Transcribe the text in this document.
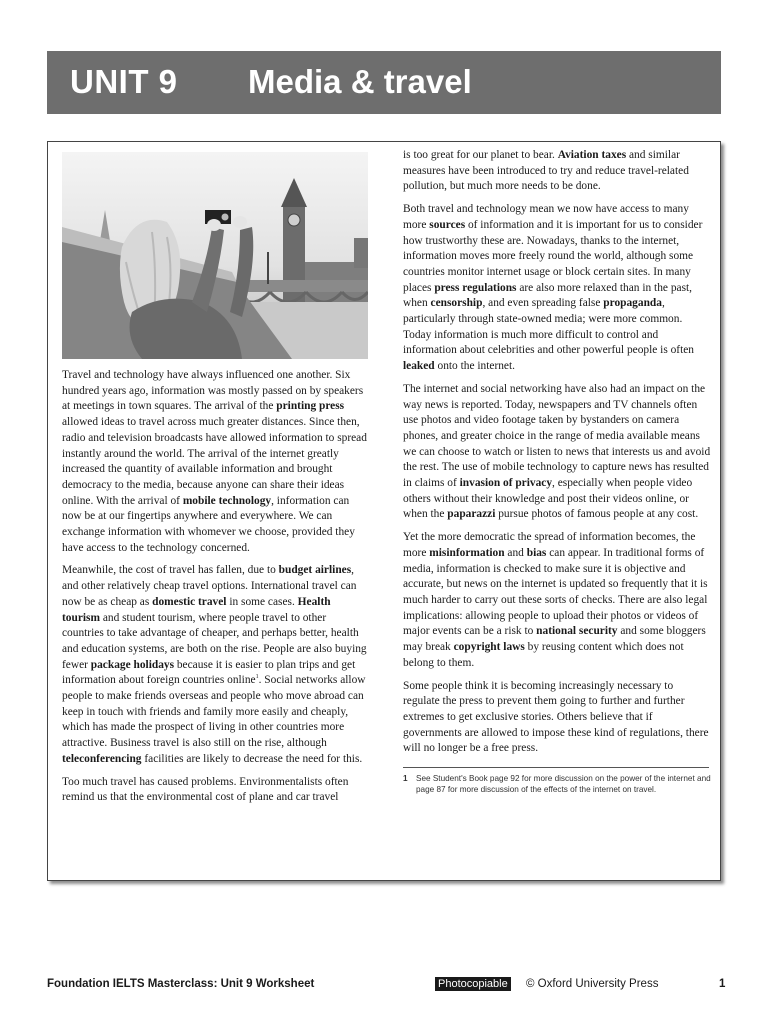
UNIT 9 Media & travel

Travel and technology have always influenced one another. Six hundred years ago, information was mostly passed on by speakers at meetings in town squares. The arrival of the printing press allowed ideas to travel across much greater distances. Since then, radio and television broadcasts have allowed information to spread instantly around the world. The arrival of the internet greatly increased the quantity of available information and brought democracy to the media, because anyone can share their ideas online. With the arrival of mobile technology, information can now be at our fingertips anywhere and everywhere. We can exchange information with whomever we choose, provided they have access to the technology concerned.

Meanwhile, the cost of travel has fallen, due to budget airlines, and other relatively cheap travel options. International travel can now be as cheap as domestic travel in some cases. Health tourism and student tourism, where people travel to other countries to take advantage of cheaper, and perhaps better, health and education systems, are both on the rise. People are also buying fewer package holidays because it is easier to plan trips and get information about foreign countries online$^1$. Social networks allow people to make friends overseas and people who move abroad can keep in touch with friends and family more easily and cheaply, which has made the prospect of living in other countries more attractive. Business travel is also still on the rise, although teleconferencing facilities are likely to decrease the need for this.

Too much travel has caused problems. Environmentalists often remind us that the environmental cost of plane and car travel

is too great for our planet to bear. Aviation taxes and similar measures have been introduced to try and reduce travel-related pollution, but much more needs to be done.

Both travel and technology mean we now have access to many more sources of information and it is important for us to consider how trustworthy these are. Nowadays, thanks to the internet, information moves more freely round the world, although some countries monitor internet usage or block certain sites. In many places press regulations are also more relaxed than in the past, when censorship, and even spreading false propaganda, particularly through state-owned media; were more common. Today information is much more difficult to control and information about celebrities and other powerful people is often leaked onto the internet.

The internet and social networking have also had an impact on the way news is reported. Today, newspapers and TV channels often use photos and video footage taken by bystanders on camera phones, and greater choice in the range of media available means we can choose to watch or listen to news that interests us and avoid the rest. The use of mobile technology to capture news has resulted in claims of invasion of privacy, especially when people video others without their knowledge and post their videos online, or when the paparazzi pursue photos of famous people at any cost.

Yet the more democratic the spread of information becomes, the more misinformation and bias can appear. In traditional forms of media, information is checked to make sure it is objective and accurate, but news on the internet is updated so frequently that it is much harder to carry out these sorts of checks. There are also legal implications: allowing people to upload their photos or videos of major events can be a risk to national security and some bloggers may break copyright laws by reusing content which does not belong to them.

Some people think it is becoming increasingly necessary to regulate the press to prevent them going to further and further extremes to get exclusive stories. Others believe that if governments are allowed to impose these kind of regulations, there will no longer be a free press.

1 See Student's Book page 92 for more discussion on the power of the internet and page 87 for more discussion of the effects of the internet on travel.
Foundation IELTS Masterclass: Unit 9 Worksheet	Photocopiable © Oxford University Press	1
